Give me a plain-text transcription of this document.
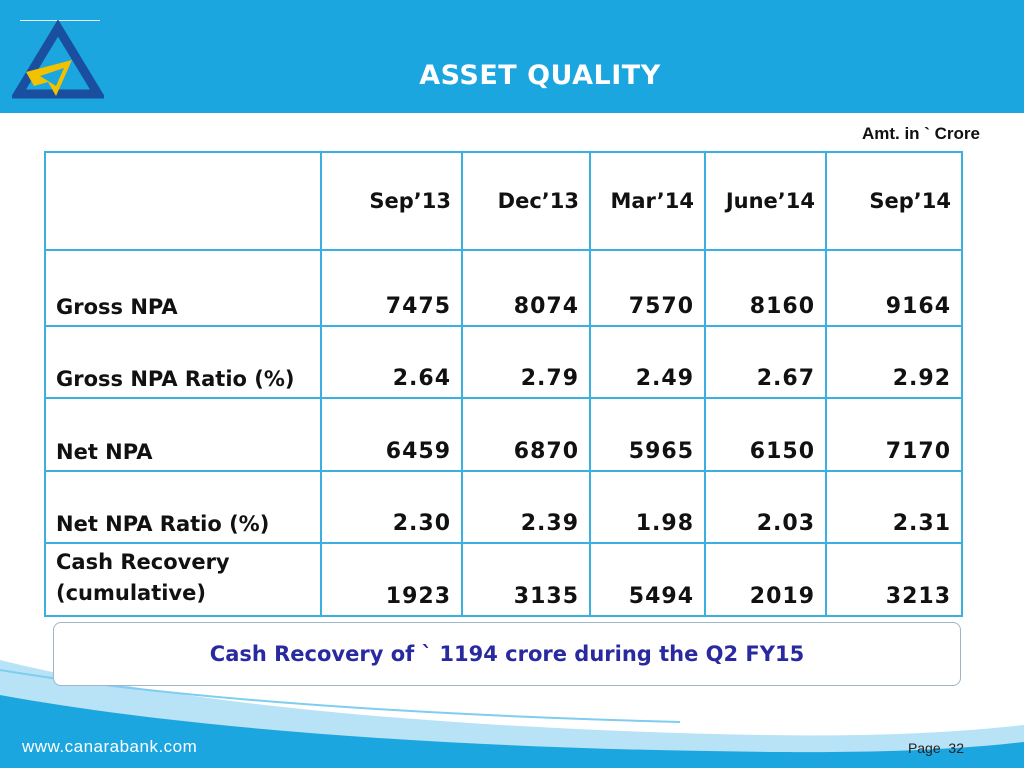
ASSET QUALITY
Amt. in ` Crore
	Sep’13	Dec’13	Mar’14	June’14	Sep’14
Gross NPA	7475	8074	7570	8160	9164
Gross NPA Ratio (%)	2.64	2.79	2.49	2.67	2.92
Net NPA	6459	6870	5965	6150	7170
Net NPA Ratio (%)	2.30	2.39	1.98	2.03	2.31

Cash Recovery
(cumulative)	1923	3135	5494	2019	3213
Cash Recovery of ` 1194 crore during the Q2 FY15
www.canarabank.com	Page 32
